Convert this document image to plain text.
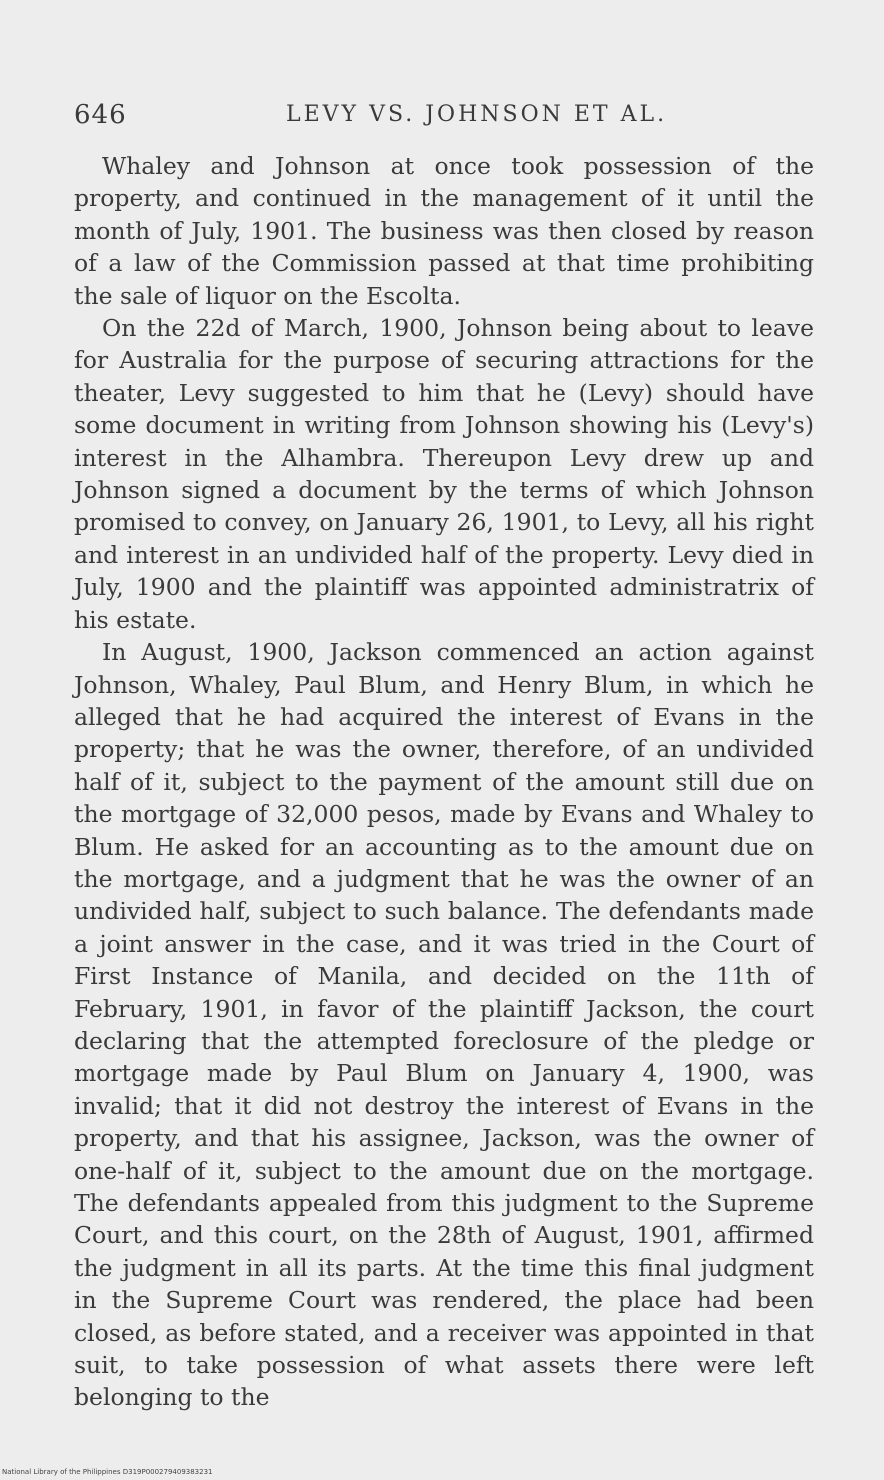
646	LEVY VS. JOHNSON ET AL.

Whaley and Johnson at once took possession of the property, and continued in the management of it until the month of July, 1901. The business was then closed by reason of a law of the Commission passed at that time prohibiting the sale of liquor on the Escolta.

On the 22d of March, 1900, Johnson being about to leave for Australia for the purpose of securing attractions for the theater, Levy suggested to him that he (Levy) should have some document in writing from Johnson showing his (Levy's) interest in the Alhambra. Thereupon Levy drew up and Johnson signed a document by the terms of which Johnson promised to convey, on January 26, 1901, to Levy, all his right and interest in an undivided half of the property. Levy died in July, 1900 and the plaintiff was appointed administratrix of his estate.

In August, 1900, Jackson commenced an action against Johnson, Whaley, Paul Blum, and Henry Blum, in which he alleged that he had acquired the interest of Evans in the property; that he was the owner, therefore, of an undivided half of it, subject to the payment of the amount still due on the mortgage of 32,000 pesos, made by Evans and Whaley to Blum. He asked for an accounting as to the amount due on the mortgage, and a judgment that he was the owner of an undivided half, subject to such balance. The defendants made a joint answer in the case, and it was tried in the Court of First Instance of Manila, and decided on the 11th of February, 1901, in favor of the plaintiff Jackson, the court declaring that the attempted foreclosure of the pledge or mortgage made by Paul Blum on January 4, 1900, was invalid; that it did not destroy the interest of Evans in the property, and that his assignee, Jackson, was the owner of one-half of it, subject to the amount due on the mortgage. The defendants appealed from this judgment to the Supreme Court, and this court, on the 28th of August, 1901, affirmed the judgment in all its parts. At the time this final judgment in the Supreme Court was rendered, the place had been closed, as before stated, and a receiver was appointed in that suit, to take possession of what assets there were left belonging to the

National Library of the Philippines D319P000279409383231
